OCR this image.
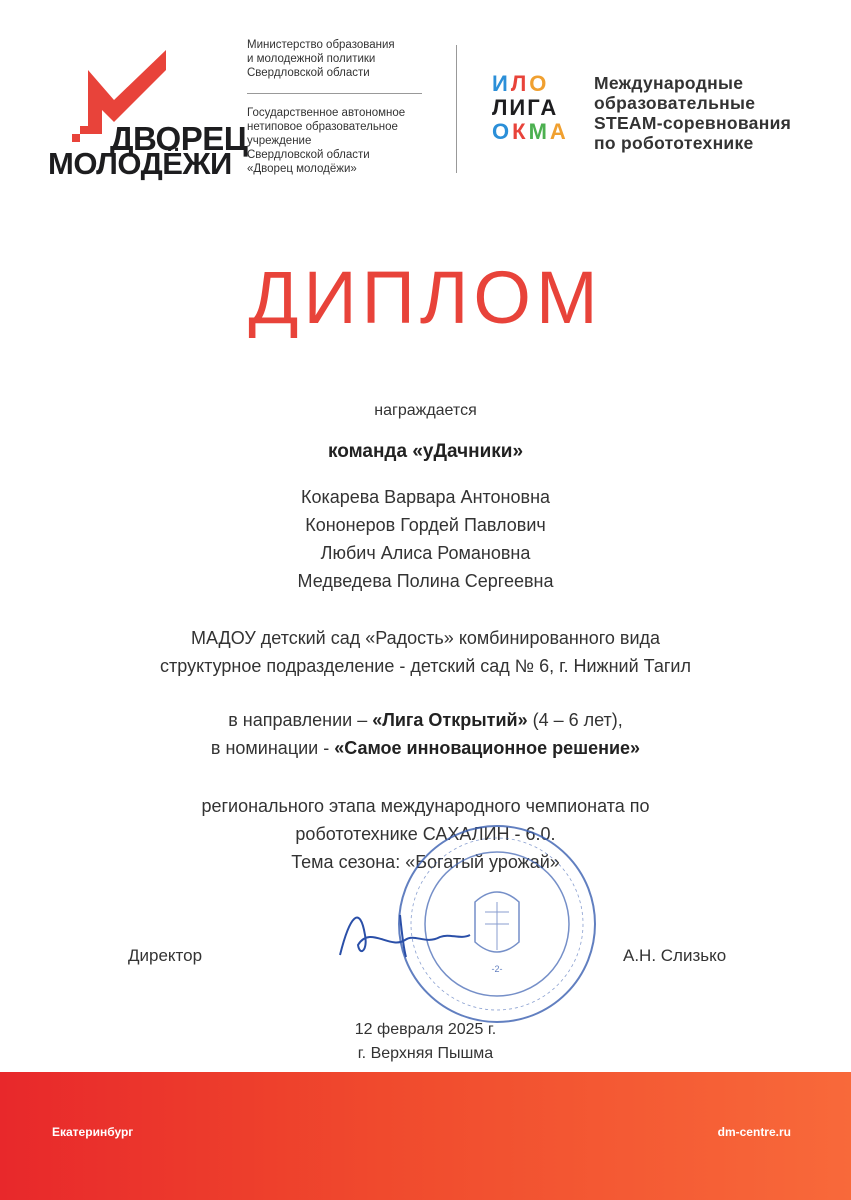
ДВОРЕЦ
МОЛОДЁЖИ
Министерство образования
и молодежной политики
Свердловской области
Государственное автономное
нетиповое образовательное
учреждение
Свердловской области
«Дворец молодёжи»
И Л О
ЛИГА
О К М А
Международные
образовательные
STEAM-соревнования
по робототехнике
ДИПЛОМ
награждается
команда «уДачники»
Кокарева Варвара Антоновна
Кононеров Гордей Павлович
Любич Алиса Романовна
Медведева Полина Сергеевна
МАДОУ детский сад «Радость» комбинированного вида
структурное подразделение - детский сад № 6, г. Нижний Тагил
в направлении – «Лига Открытий» (4 – 6 лет),
в номинации - «Самое инновационное решение»
регионального этапа международного чемпионата по
робототехнике САХАЛИН - 6.0.
Тема сезона: «Богатый урожай»
-2-
Директор	А.Н. Слизько
12 февраля 2025 г.
г. Верхняя Пышма
Екатеринбург	dm-centre.ru
